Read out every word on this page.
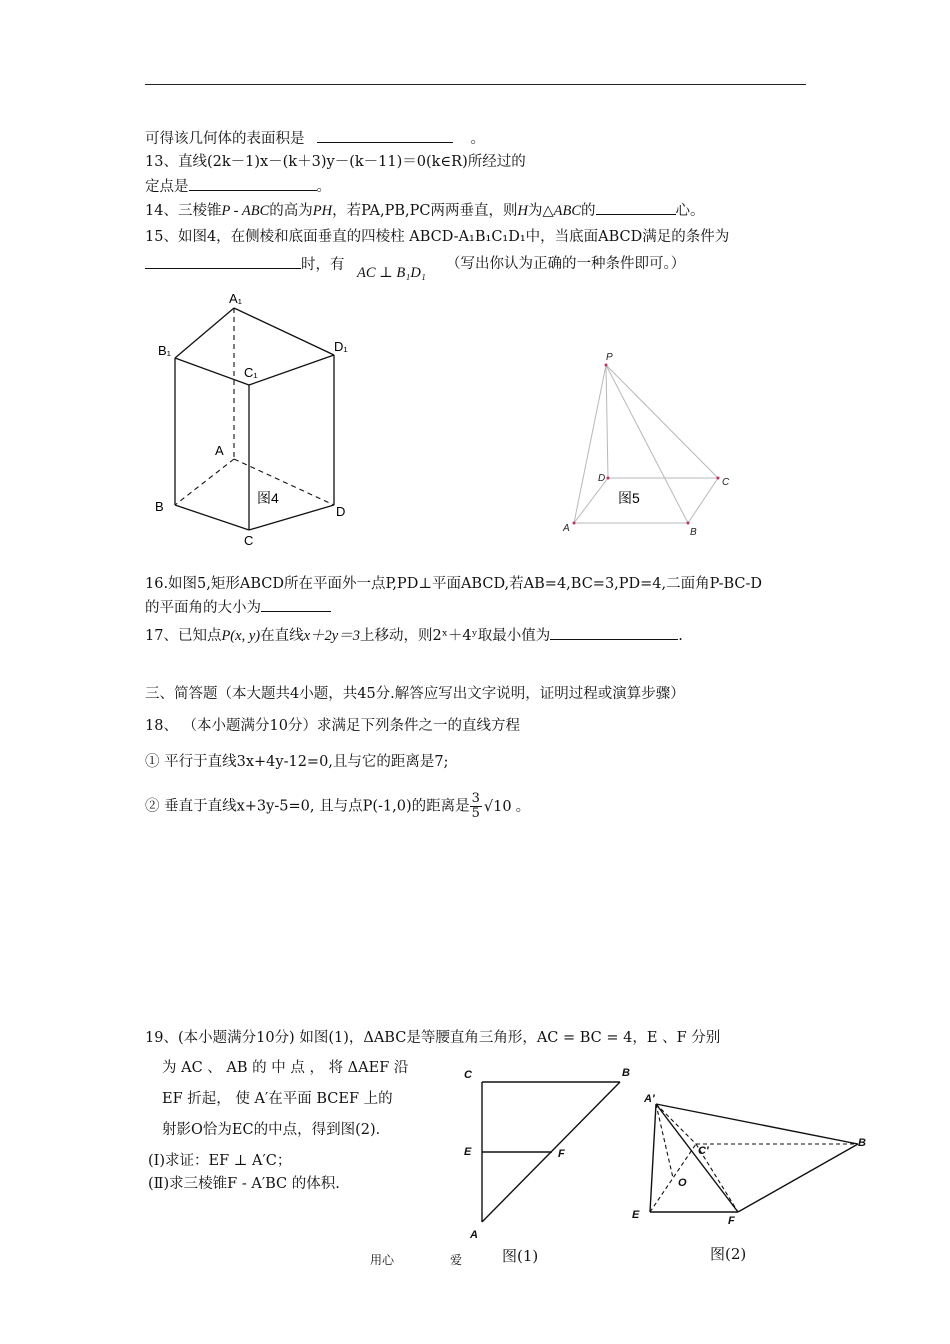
可得该几何体的表面积是	。
13、直线(2k－1)x－(k＋3)y－(k－11)＝0(k∈R)所经过的
定点是	。
14、三棱锥P - ABC的高为PH，若PA,PB,PC两两垂直，则H为△ABC的	心。
15、如图4，在侧棱和底面垂直的四棱柱 ABCD-A₁B₁C₁D₁中，当底面ABCD满足的条件为
时，有 AC ⊥ B₁D₁
（写出你认为正确的一种条件即可。）
A₁
B₁
C₁
D₁
A
B
C
D
图4
P
A	B
C
D
图5
16.如图5,矩形ABCD所在平面外一点P,PD⊥平面ABCD,若AB=4,BC=3,PD=4,二面角P-BC-D
的平面角的大小为
17、已知点P(x, y)在直线x＋2y＝3上移动，则2ˣ＋4ʸ取最小值为	.
三、简答题（本大题共4小题，共45分.解答应写出文字说明，证明过程或演算步骤）
18、 （本小题满分10分）求满足下列条件之一的直线方程
① 平行于直线3x+4y-12=0,且与它的距离是7;
② 垂直于直线x+3y-5=0, 且与点P(-1,0)的距离是 $\frac{3}{5} √10$ 。
19、(本小题满分10分) 如图(1)，ΔABC是等腰直角三角形，AC = BC = 4，E 、F 分别
为 AC 、 AB 的 中 点 ， 将 ΔAEF 沿
EF 折起， 使 A′在平面 BCEF 上的
射影O恰为EC的中点，得到图(2)．
(Ⅰ)求证：EF ⊥ A′C；
(Ⅱ)求三棱锥F - A′BC 的体积.
C	B
E	F
A
A′
C′
B
O
E	F
用心	爱	图(1)	图(2)
